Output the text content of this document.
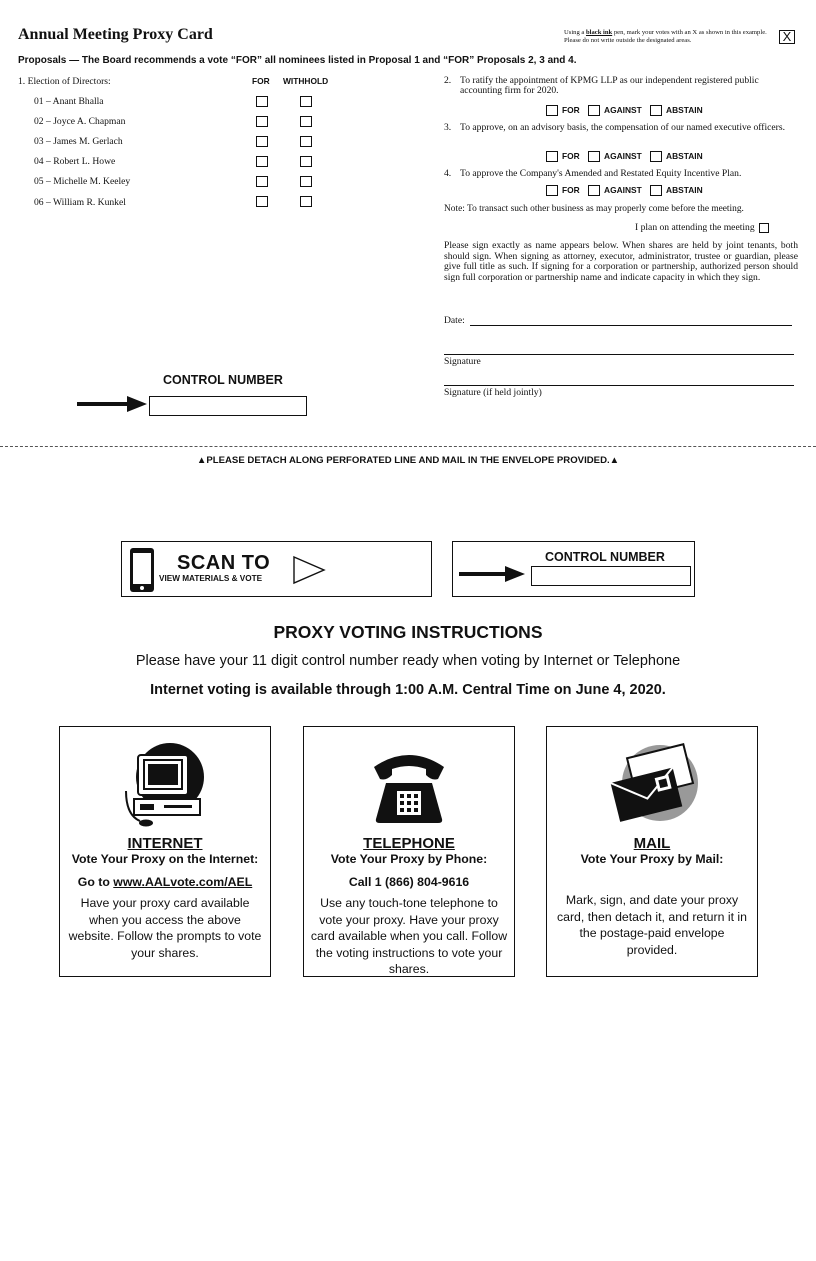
Annual Meeting Proxy Card	Using a black ink pen, mark your votes with an X as shown in this example. Please do not write outside the designated areas.	X
Proposals — The Board recommends a vote “FOR” all nominees listed in Proposal 1 and “FOR” Proposals 2, 3 and 4.
1. Election of Directors:	FOR WITHHOLD
01 – Anant Bhalla
02 – Joyce A. Chapman
03 – James M. Gerlach
04 – Robert L. Howe
05 – Michelle M. Keeley
06 – William R. Kunkel
2. To ratify the appointment of KPMG LLP as our independent registered public accounting firm for 2020.
FOR	AGAINST	ABSTAIN
3. To approve, on an advisory basis, the compensation of our named executive officers.
FOR	AGAINST	ABSTAIN
4. To approve the Company's Amended and Restated Equity Incentive Plan.
FOR	AGAINST	ABSTAIN
Note: To transact such other business as may properly come before the meeting.
I plan on attending the meeting
Please sign exactly as name appears below. When shares are held by joint tenants, both should sign. When signing as attorney, executor, administrator, trustee or guardian, please give full title as such. If signing for a corporation or partnership, authorized person should sign full corporation or partnership name and indicate capacity in which they sign.
Date:
Signature
Signature (if held jointly)
CONTROL NUMBER
▲PLEASE DETACH ALONG PERFORATED LINE AND MAIL IN THE ENVELOPE PROVIDED.▲
SCAN TO
VIEW MATERIALS & VOTE
CONTROL NUMBER
PROXY VOTING INSTRUCTIONS
Please have your 11 digit control number ready when voting by Internet or Telephone
Internet voting is available through 1:00 A.M. Central Time on June 4, 2020.
INTERNET
Vote Your Proxy on the Internet:
Go to www.AALvote.com/AEL
Have your proxy card available when you access the above website. Follow the prompts to vote your shares.
TELEPHONE
Vote Your Proxy by Phone:
Call 1 (866) 804-9616
Use any touch-tone telephone to vote your proxy. Have your proxy card available when you call. Follow the voting instructions to vote your shares.
MAIL
Vote Your Proxy by Mail:
Mark, sign, and date your proxy card, then detach it, and return it in the postage-paid envelope provided.
